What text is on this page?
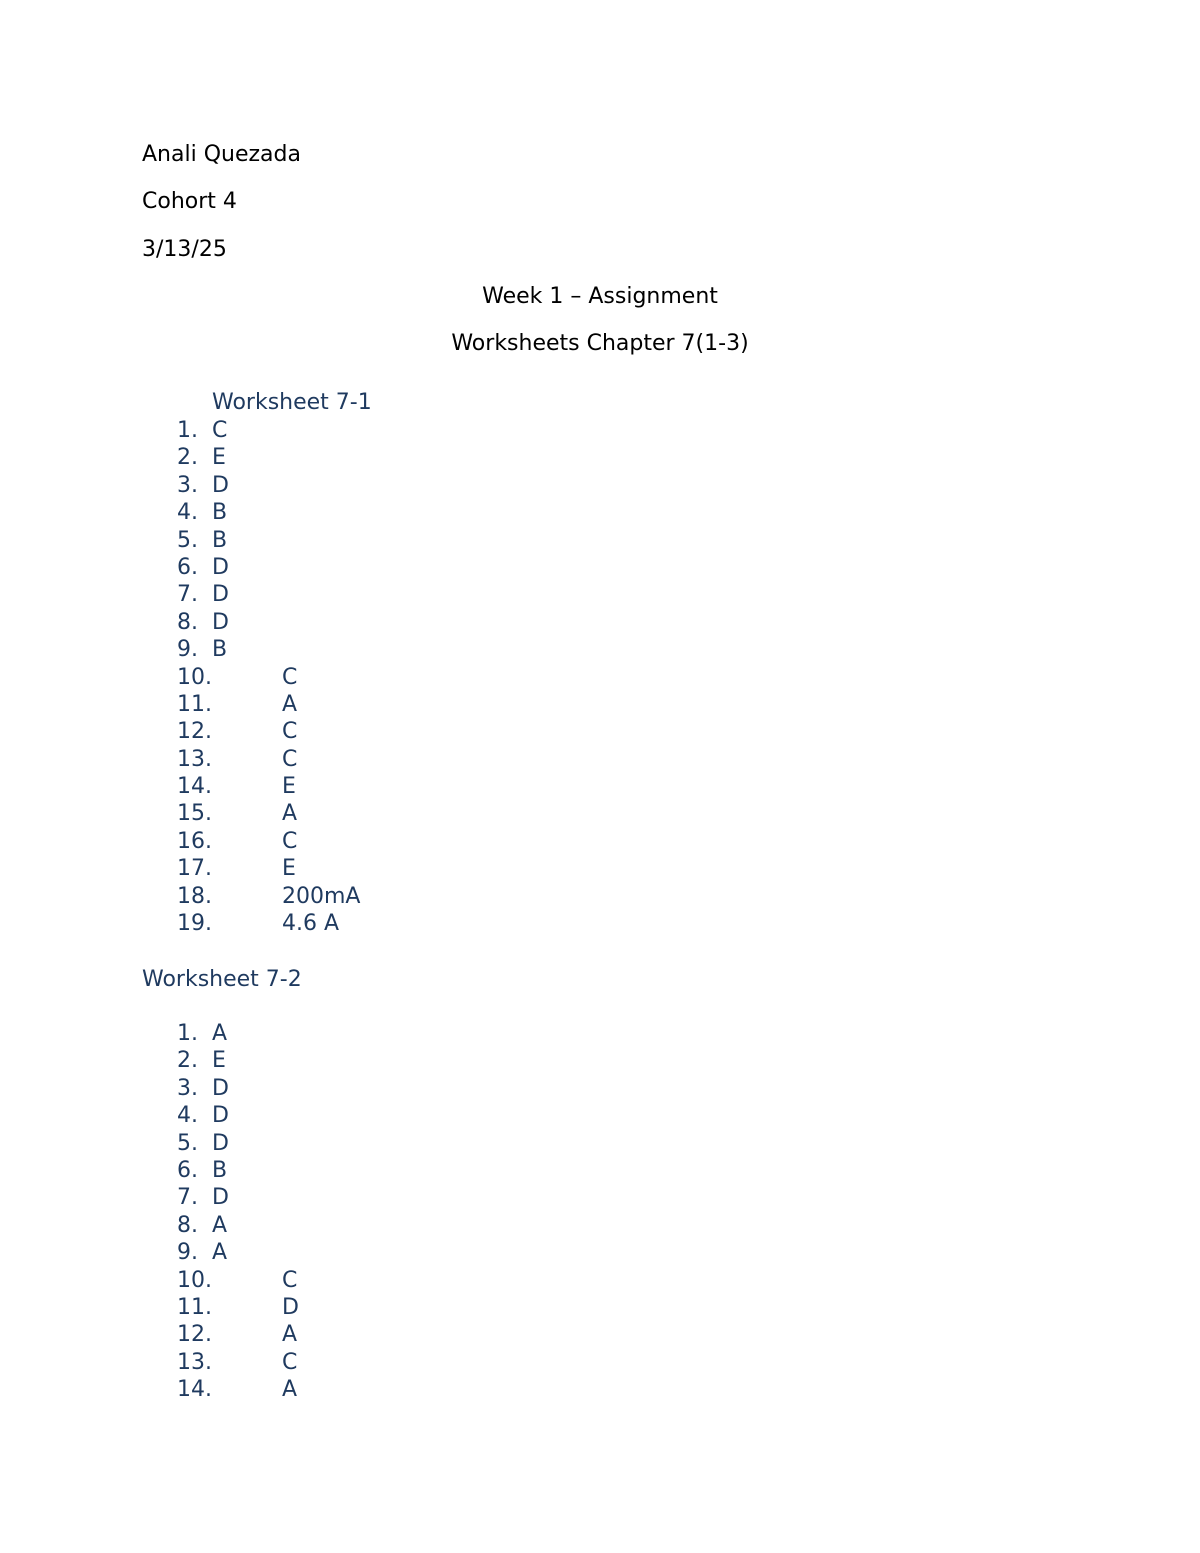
Anali Quezada
Cohort 4
3/13/25
Week 1 – Assignment
Worksheets Chapter 7(1-3)
Worksheet 7-1
1. C
2. E
3. D
4. B
5. B
6. D
7. D
8. D
9. B
10.	C
11.	A
12.	C
13.	C
14.	E
15.	A
16.	C
17.	E
18.	200mA
19.	4.6 A
Worksheet 7-2
1. A
2. E
3. D
4. D
5. D
6. B
7. D
8. A
9. A
10.	C
11.	D
12.	A
13.	C
14.	A
